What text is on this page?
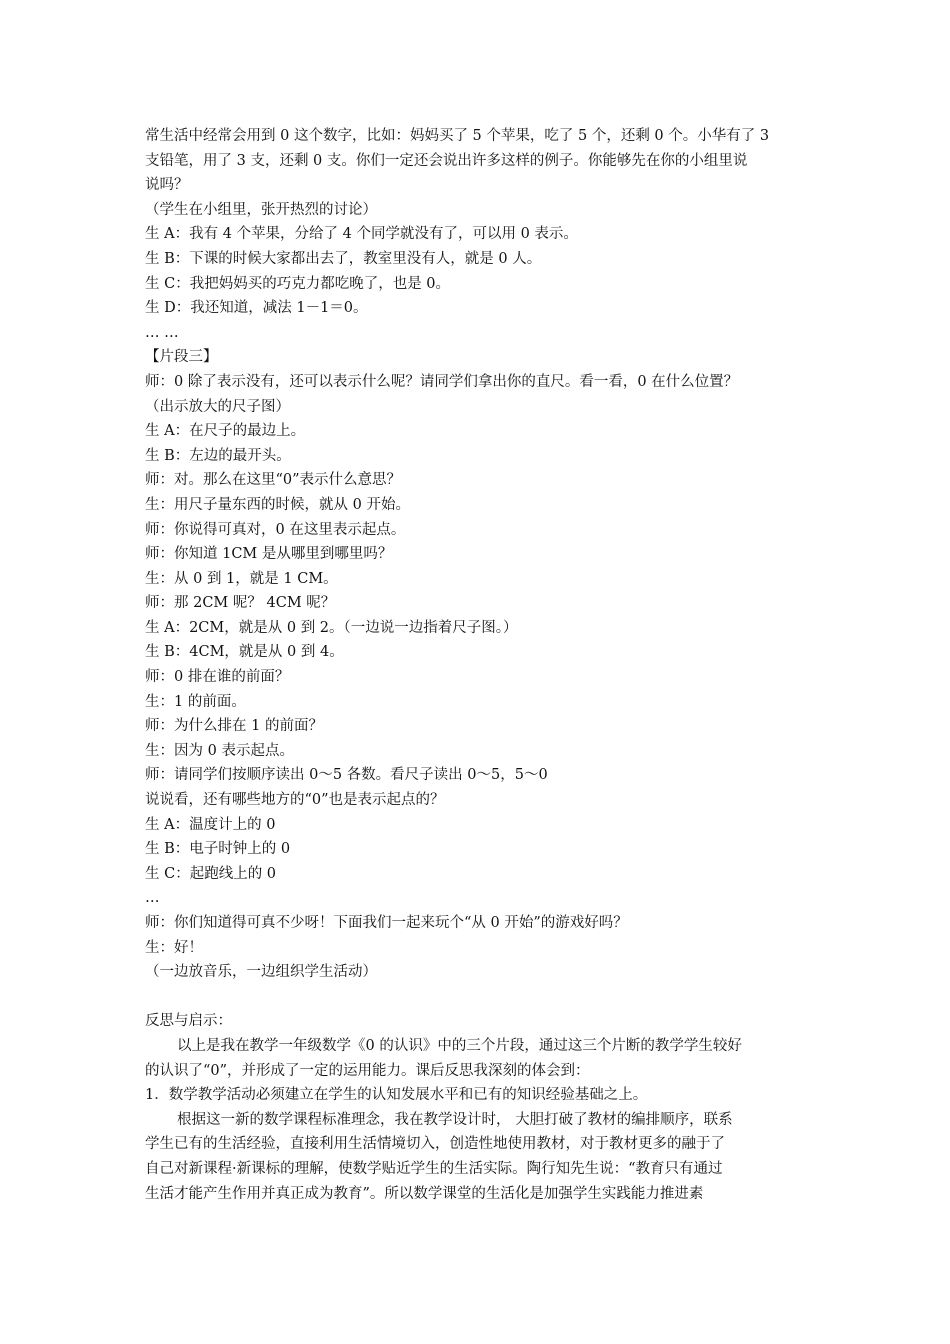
常生活中经常会用到 0 这个数字，比如：妈妈买了 5 个苹果，吃了 5 个，还剩 0 个。小华有了 3
支铅笔，用了 3 支，还剩 0 支。你们一定还会说出许多这样的例子。你能够先在你的小组里说
说吗？
（学生在小组里，张开热烈的讨论）
生 A：我有 4 个苹果，分给了 4 个同学就没有了，可以用 0 表示。
生 B：下课的时候大家都出去了，教室里没有人，就是 0 人。
生 C：我把妈妈买的巧克力都吃晚了，也是 0。
生 D：我还知道，减法 1－1＝0。
… …
【片段三】
师：0 除了表示没有，还可以表示什么呢？请同学们拿出你的直尺。看一看，0 在什么位置？
（出示放大的尺子图）
生 A：在尺子的最边上。
生 B：左边的最开头。
师：对。那么在这里“0”表示什么意思？
生：用尺子量东西的时候，就从 0 开始。
师：你说得可真对，0 在这里表示起点。
师：你知道 1CM 是从哪里到哪里吗？
生：从 0 到 1，就是 1 CM。
师：那 2CM 呢？ 4CM 呢？
生 A：2CM，就是从 0 到 2。（一边说一边指着尺子图。）
生 B：4CM，就是从 0 到 4。
师：0 排在谁的前面？
生：1 的前面。
师：为什么排在 1 的前面？
生：因为 0 表示起点。
师：请同学们按顺序读出 0～5 各数。看尺子读出 0～5，5～0
说说看，还有哪些地方的“0”也是表示起点的？
生 A：温度计上的 0
生 B：电子时钟上的 0
生 C：起跑线上的 0
…
师：你们知道得可真不少呀！下面我们一起来玩个“从 0 开始”的游戏好吗？
生：好！
（一边放音乐，一边组织学生活动）
反思与启示：
以上是我在教学一年级数学《0 的认识》中的三个片段，通过这三个片断的教学学生较好
的认识了“0”，并形成了一定的运用能力。课后反思我深刻的体会到：
1．数学教学活动必须建立在学生的认知发展水平和已有的知识经验基础之上。
根据这一新的数学课程标准理念，我在教学设计时， 大胆打破了教材的编排顺序，联系
学生已有的生活经验，直接利用生活情境切入，创造性地使用教材，对于教材更多的融于了
自己对新课程·新课标的理解，使数学贴近学生的生活实际。陶行知先生说：“教育只有通过
生活才能产生作用并真正成为教育”。所以数学课堂的生活化是加强学生实践能力推进素
